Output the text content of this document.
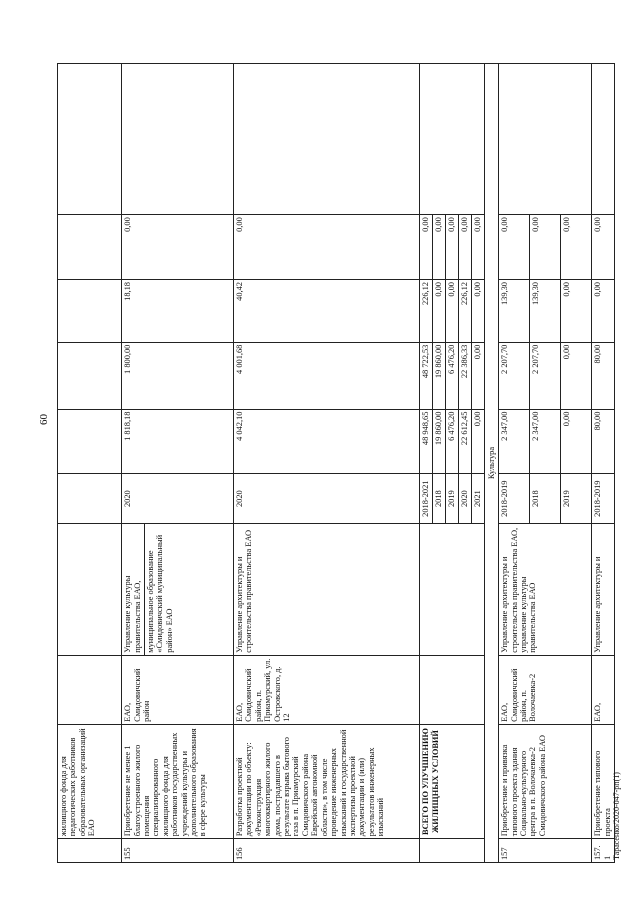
60
	жилищного фонда для педагогических работников образовательных организаций ЕАО								
155	Приобретение не менее 1 благоустроенного жилого помещения специализированного жилищного фонда для работников государственных учреждений культуры и дополнительного образования в сфере культуры	ЕАО, Смидовичский район	Управление культуры правительства ЕАО,	2020	1 818,18	1 800,00	18,18	0,00	
			муниципальное образование «Смидовичский муниципальный район» ЕАО						
156	Разработка проектной документации по объекту: «Реконструкция многоквартирного жилого дома, пострадавшего в результате взрыва бытового газа в п. Приамурский Смидовичского района Еврейской автономной области», в том числе проведение инженерных изысканий и государственной экспертизы проектной документации и (или) результатов инженерных изысканий	ЕАО, Смидовичский район, п. Приамурский, ул. Островского, д. 12	Управление архитектуры и строительства правительства ЕАО	2020	4 042,10	4 001,68	40,42	0,00	
	ВСЕГО ПО УЛУЧШЕНИЮ ЖИЛИЩНЫХ УСЛОВИЙ			2018-2021	48 948,65	48 722,53	226,12	0,00	
				2018	19 860,00	19 860,00	0,00	0,00	
				2019	6 476,20	6 476,20	0,00	0,00	
				2020	22 612,45	22 386,33	226,12	0,00	
				2021	0,00	0,00	0,00	0,00	
Культура									
157	Приобретение и привязка типового проекта здания Социально-культурного центра в п. Волочаевка-2 Смидовичского района ЕАО	ЕАО, Смидовичский район, п. Волочаевка-2	Управление архитектуры и строительства правительства ЕАО, управление культуры правительства ЕАО	2018-2019	2 347,00	2 207,70	139,30	0,00	
				2018	2 347,00	2 207,70	139,30	0,00	
				2019	0,00	0,00	0,00	0,00	
157.1	Приобретение типового проекта	ЕАО,	Управление архитектуры и	2018-2019	80,00	80,00	0,00	0,00	
Тарасенко/2020-047-рп(1)
